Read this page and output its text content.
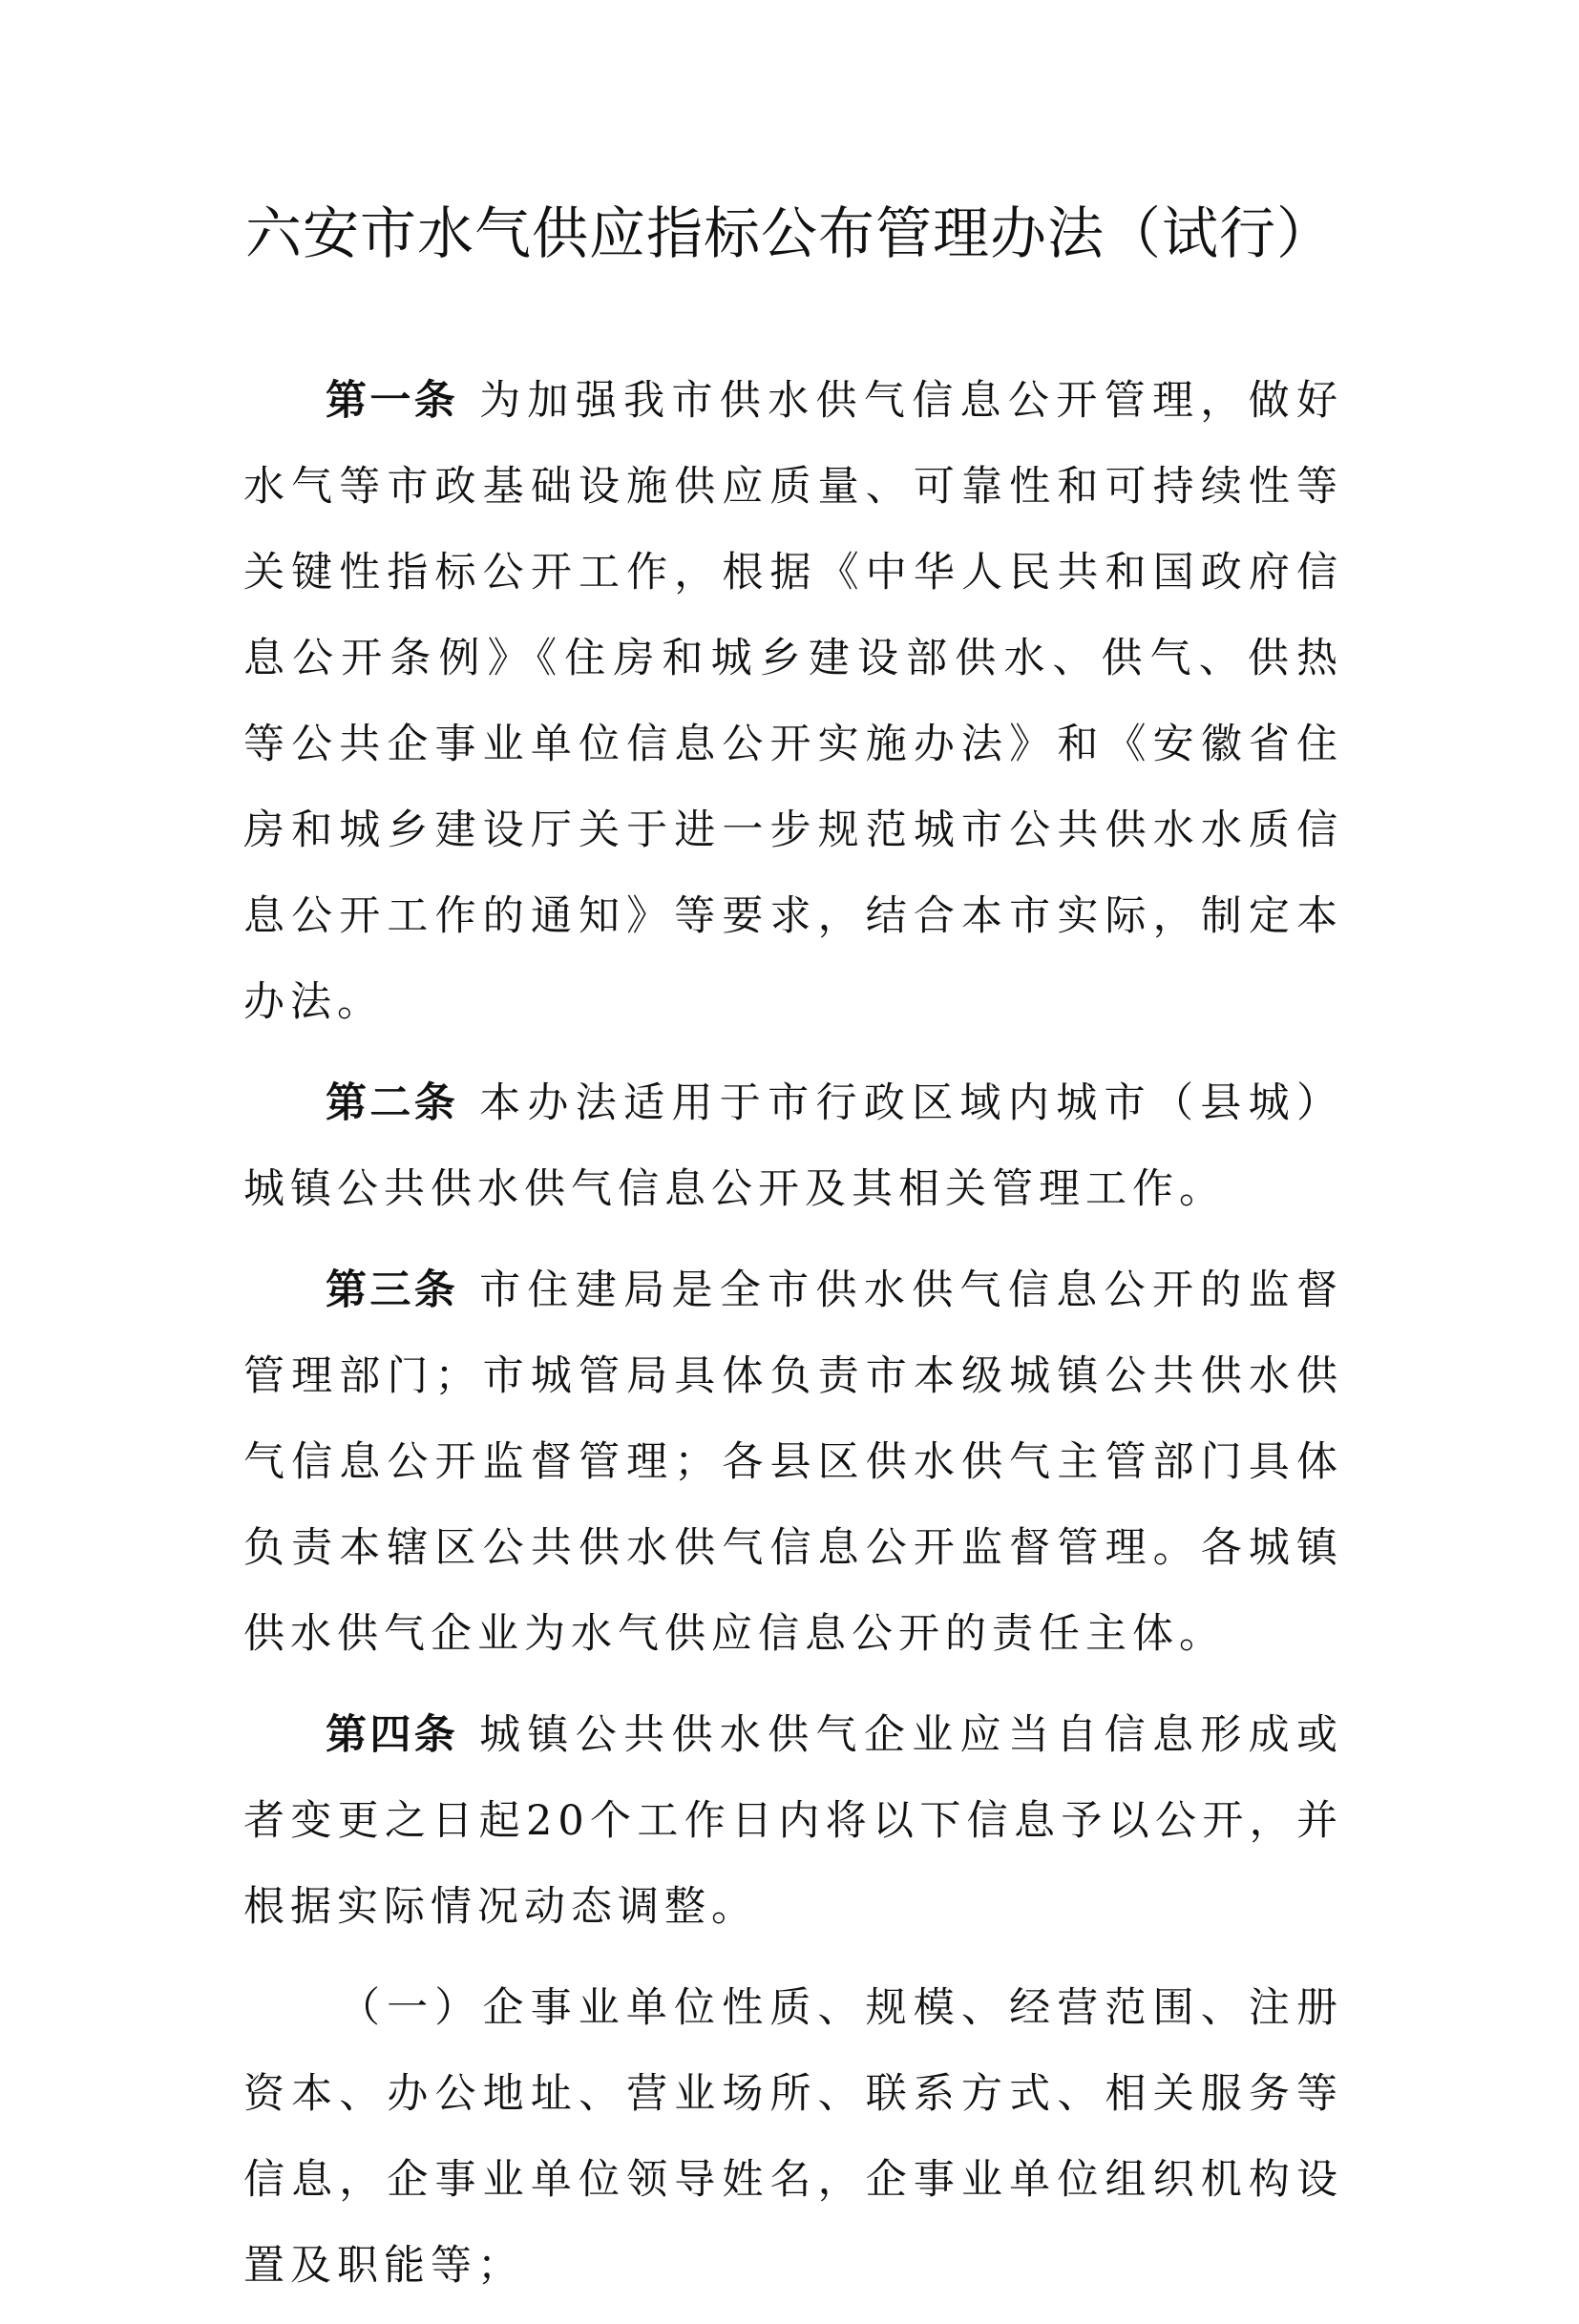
六安市水气供应指标公布管理办法（试行）

第一条 为加强我市供水供气信息公开管理，做好水气等市政基础设施供应质量、可靠性和可持续性等关键性指标公开工作，根据《中华人民共和国政府信息公开条例》《住房和城乡建设部供水、供气、供热等公共企事业单位信息公开实施办法》和《安徽省住房和城乡建设厅关于进一步规范城市公共供水水质信息公开工作的通知》等要求，结合本市实际，制定本办法。

第二条 本办法适用于市行政区域内城市（县城）城镇公共供水供气信息公开及其相关管理工作。

第三条 市住建局是全市供水供气信息公开的监督管理部门；市城管局具体负责市本级城镇公共供水供气信息公开监督管理；各县区供水供气主管部门具体负责本辖区公共供水供气信息公开监督管理。各城镇供水供气企业为水气供应信息公开的责任主体。

第四条 城镇公共供水供气企业应当自信息形成或者变更之日起20个工作日内将以下信息予以公开，并根据实际情况动态调整。

（一）企事业单位性质、规模、经营范围、注册资本、办公地址、营业场所、联系方式、相关服务等信息，企事业单位领导姓名，企事业单位组织机构设置及职能等；
